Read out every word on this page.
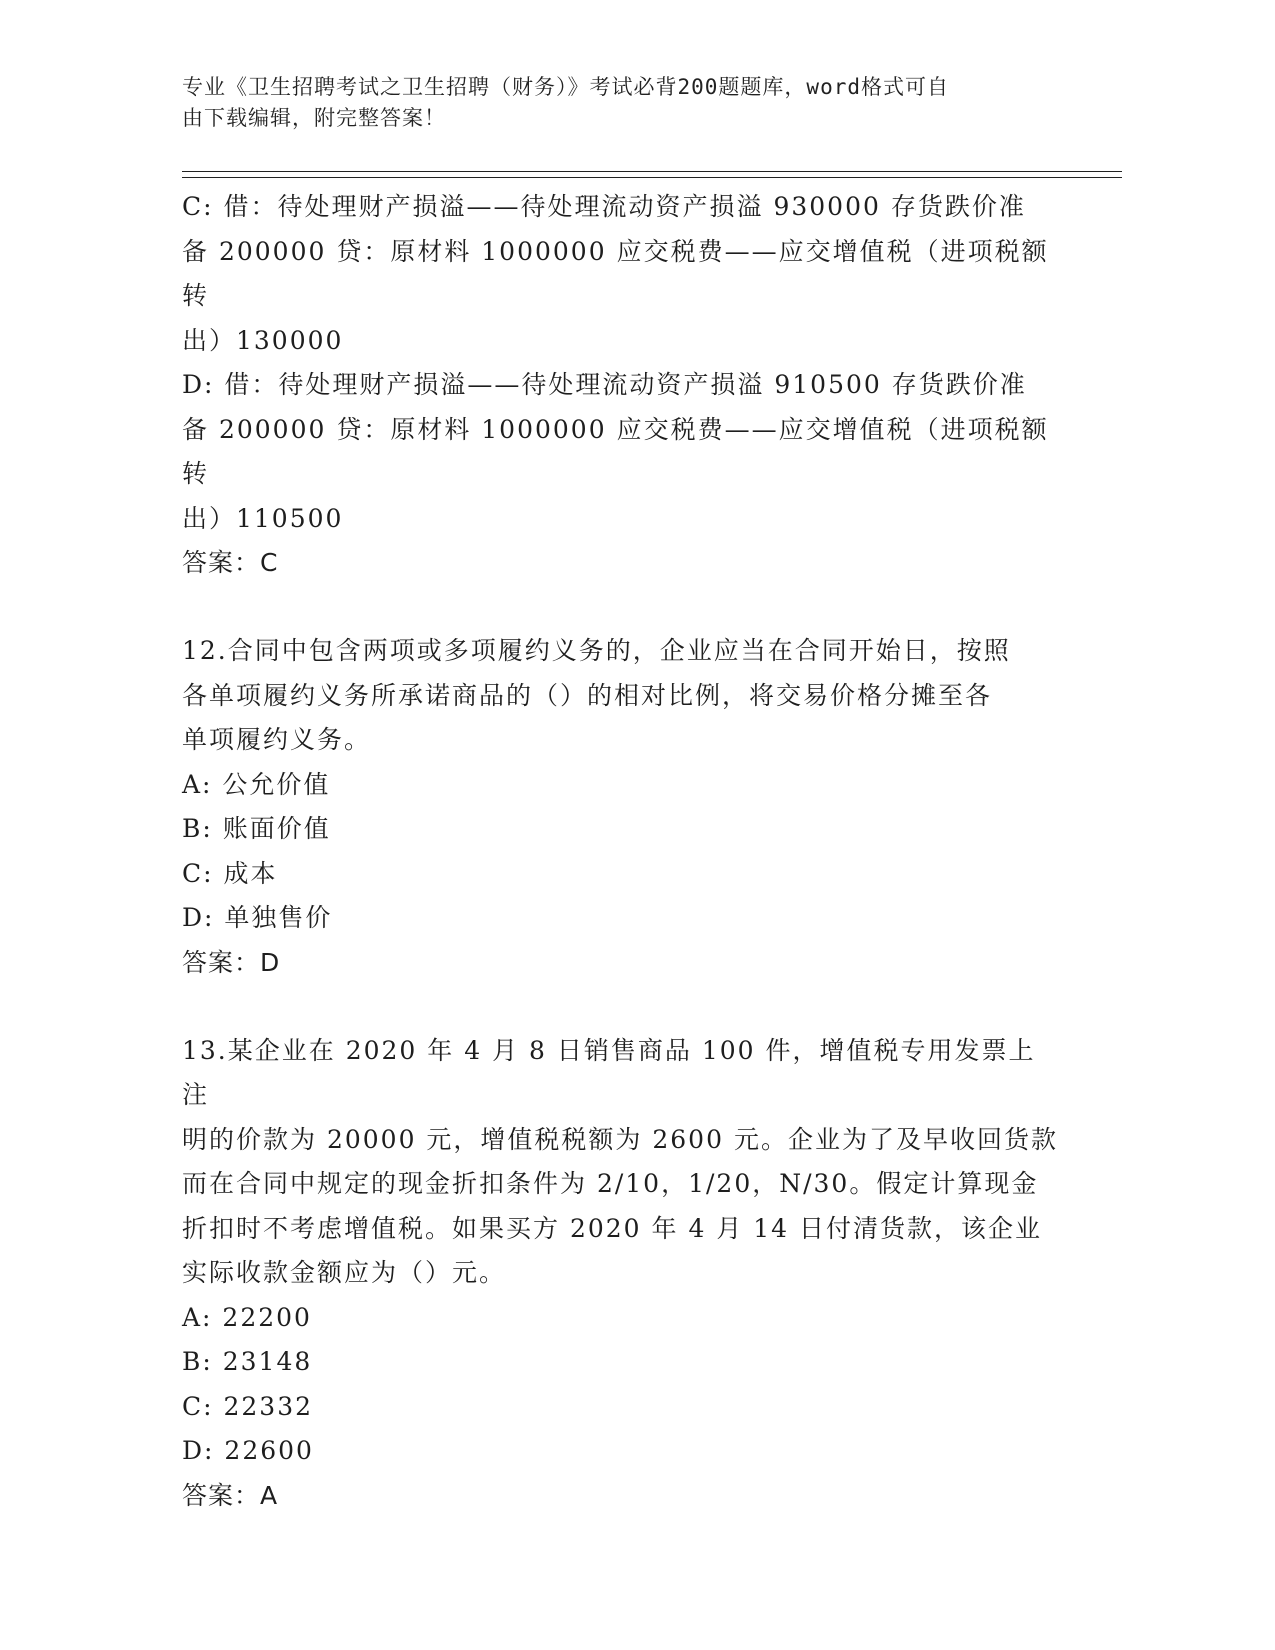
专业《卫生招聘考试之卫生招聘（财务）》考试必背200题题库，word格式可自
由下载编辑，附完整答案！

C: 借：待处理财产损溢——待处理流动资产损溢 930000 存货跌价准

备 200000 贷：原材料 1000000 应交税费——应交增值税（进项税额转

出）130000

D: 借：待处理财产损溢——待处理流动资产损溢 910500 存货跌价准

备 200000 贷：原材料 1000000 应交税费——应交增值税（进项税额转

出）110500

答案：C

12.合同中包含两项或多项履约义务的，企业应当在合同开始日，按照

各单项履约义务所承诺商品的（）的相对比例，将交易价格分摊至各

单项履约义务。

A: 公允价值

B: 账面价值

C: 成本

D: 单独售价

答案：D

13.某企业在 2020 年 4 月 8 日销售商品 100 件，增值税专用发票上注

明的价款为 20000 元，增值税税额为 2600 元。企业为了及早收回货款

而在合同中规定的现金折扣条件为 2/10，1/20，N/30。假定计算现金

折扣时不考虑增值税。如果买方 2020 年 4 月 14 日付清货款，该企业

实际收款金额应为（）元。

A: 22200

B: 23148

C: 22332

D: 22600

答案：A
